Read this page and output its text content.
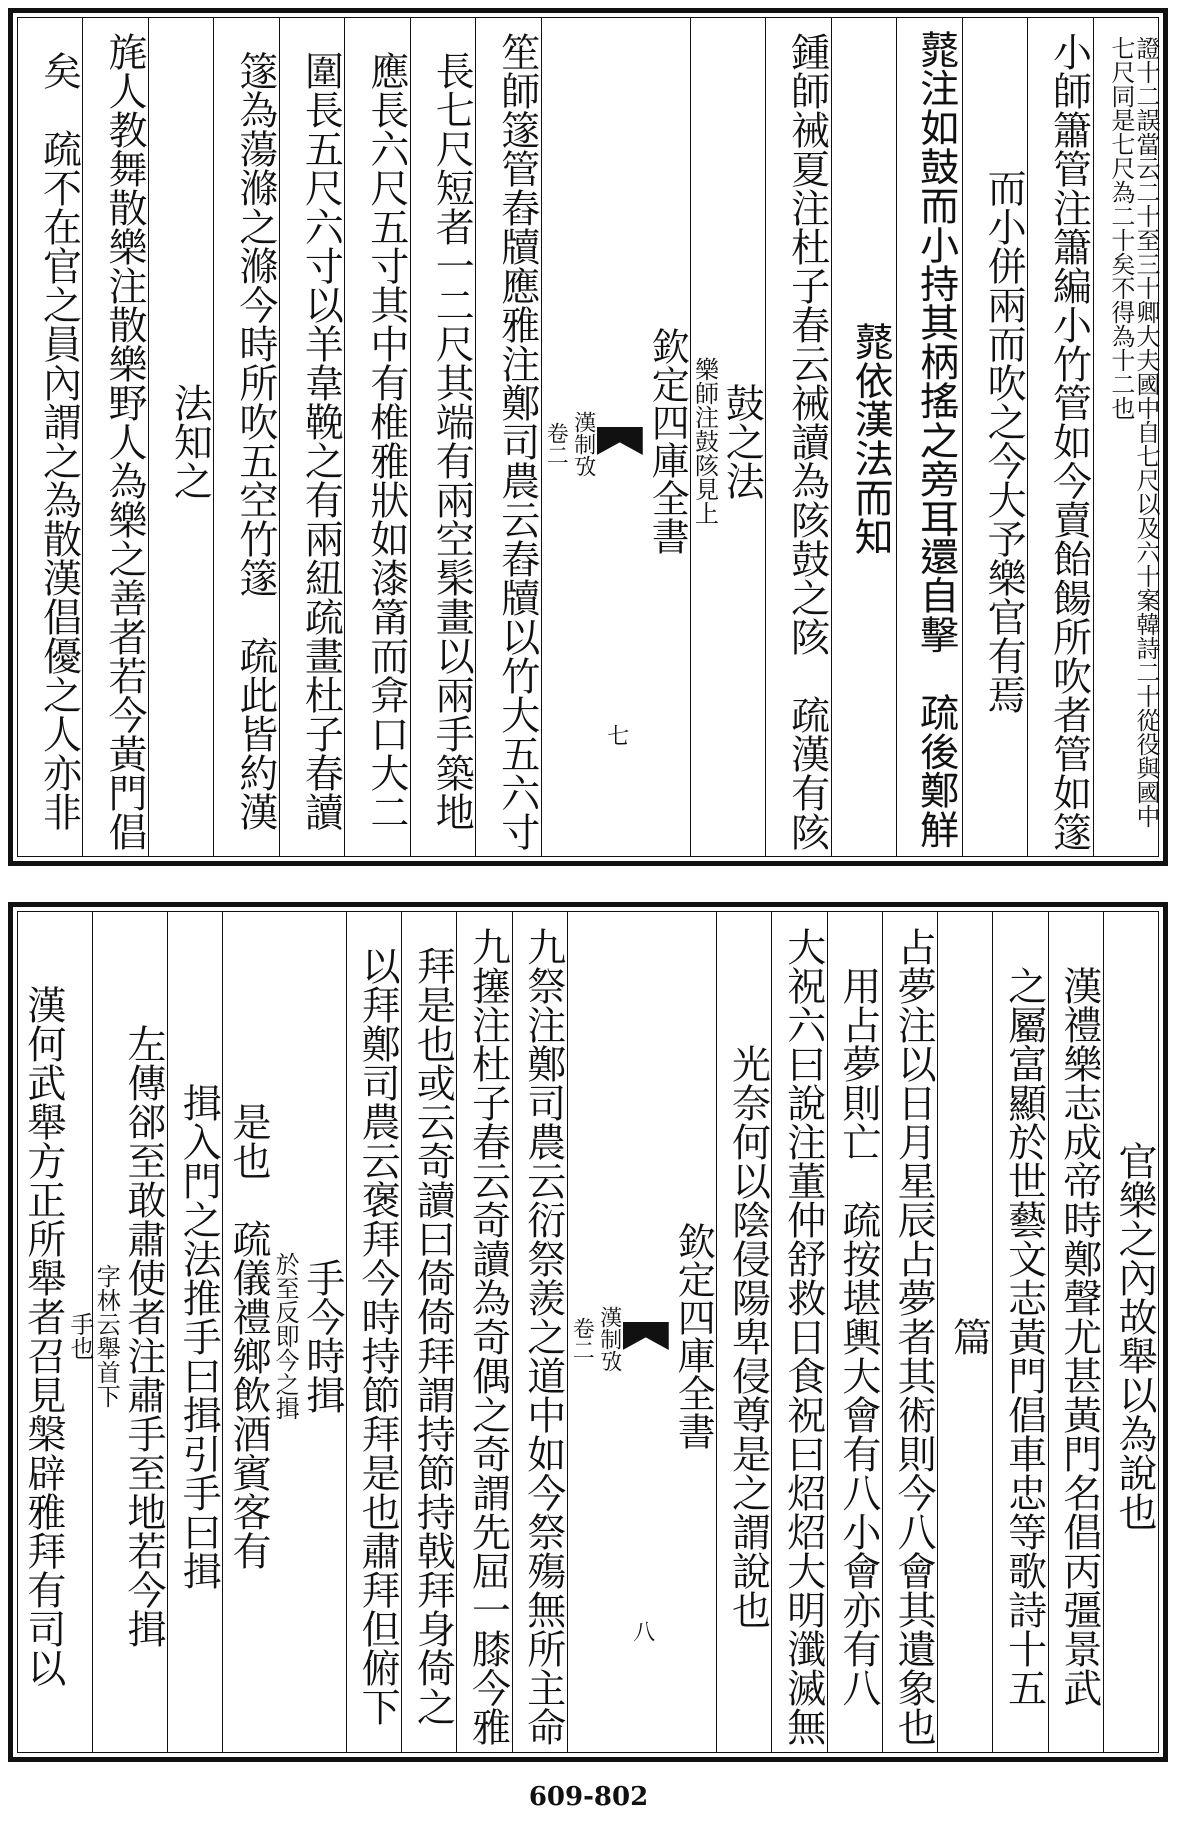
證十二誤當云二十至三十卿大夫國中自七尺以及六十案韓詩二十從役與國中七尺同是七尺為二十矣不得為十二也
小師簫管注簫編小竹管如今賣飴餳所吹者管如篴
而小併兩而吹之今大予樂官有焉
𪔛注如鼓而小持其柄搖之旁耳還自擊　疏後鄭觧
𪔛依漢法而知
鍾師祴夏注杜子春云祴讀為陔鼓之陔　疏漢有陔
鼓之法
樂師注鼓陔見上
欽定四庫全書
漢制攷
卷二
七
笙師篴管舂牘應雅注鄭司農云舂牘以竹大五六寸
長七尺短者一二尺其端有兩空髤畫以兩手築地
應長六尺五寸其中有椎雅狀如漆筩而弇口大二
圍長五尺六寸以羊韋鞔之有兩紐疏畫杜子春讀
篴為蕩滌之滌今時所吹五空竹篴　疏此皆約漢
法知之
旄人教舞散樂注散樂野人為樂之善者若今黃門倡
矣　疏不在官之員內謂之為散漢倡優之人亦非
官樂之內故舉以為說也
漢禮樂志成帝時鄭聲尤甚黃門名倡丙彊景武
之屬富顯於世藝文志黃門倡車忠等歌詩十五
篇
占夢注以日月星辰占夢者其術則今八會其遺象也
用占夢則亡　疏按堪輿大會有八小會亦有八
大祝六曰說注董仲舒救日食祝曰炤炤大明瀸滅無
光奈何以陰侵陽卑侵尊是之謂說也
欽定四庫全書
漢制攷
卷二
八
九祭注鄭司農云衍祭羨之道中如今祭殤無所主命
九㩙注杜子春云奇讀為奇偶之奇謂先屈一膝今雅
拜是也或云奇讀曰倚倚拜謂持節持戟拜身倚之
以拜鄭司農云褒拜今時持節拜是也肅拜但俯下
手今時揖
於至反即今之揖
是也　疏儀禮鄉飲酒賓客有
揖入門之法推手曰揖引手曰揖
左傳郤至敢肅使者注肅手至地若今揖
字林云舉首下
手也
漢何武舉方正所舉者召見槃辟雅拜有司以
609-802
